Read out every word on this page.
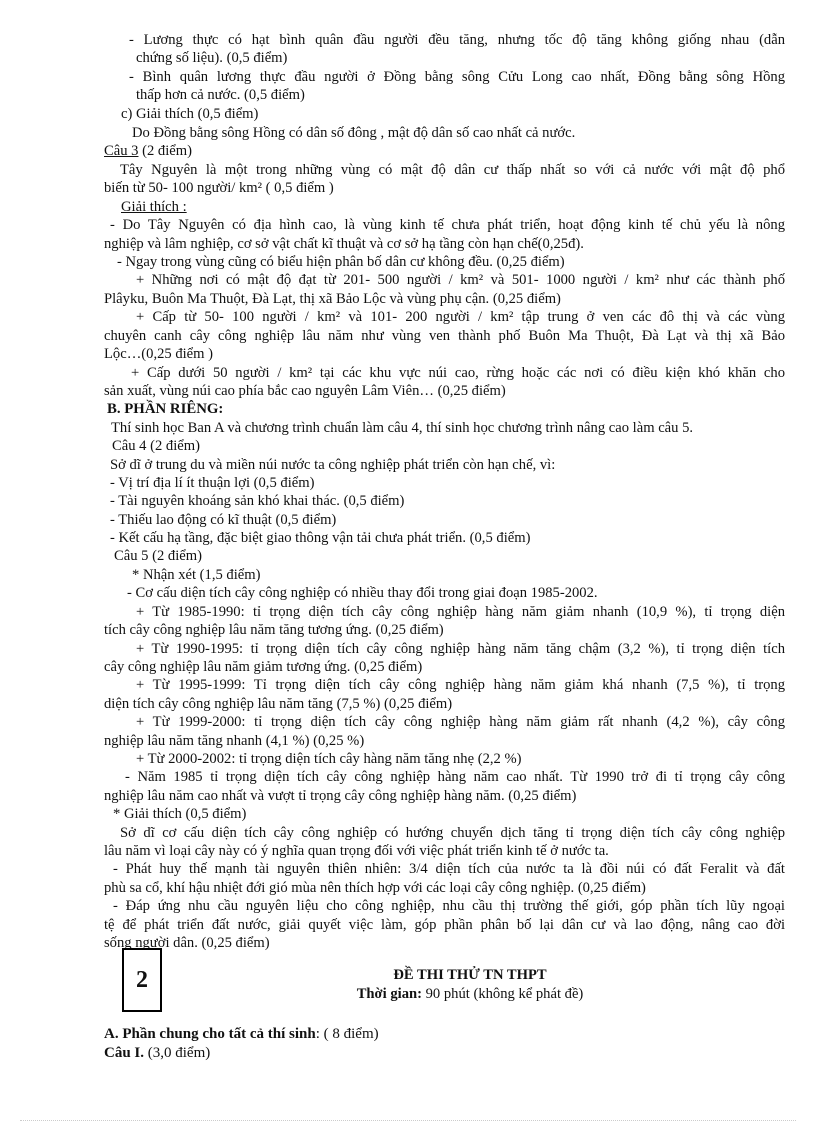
- Lương thực có hạt bình quân đầu người đều tăng, nhưng tốc độ tăng không giống nhau (dẫn

chứng số liệu). (0,5 điểm)

- Bình quân lương thực đầu người ở Đồng bằng sông Cửu Long cao nhất, Đồng bằng sông Hồng

thấp hơn cả nước. (0,5 điểm)

c) Giải thích (0,5 điểm)

Do Đồng bằng sông Hồng có dân số đông , mật độ dân số cao nhất cả nước.

Câu 3 (2 điểm)

Tây Nguyên là một trong những vùng có mật độ dân cư thấp nhất so với cả nước với mật độ phổ

biến từ 50- 100 người/ km² ( 0,5 điểm )

Giải thích :

- Do Tây Nguyên có địa hình cao, là vùng kinh tế chưa phát triển, hoạt động kinh tế chủ yếu là nông

nghiệp và lâm nghiệp, cơ sở vật chất kĩ thuật và cơ sở hạ tầng còn hạn chế(0,25đ).

- Ngay trong vùng cũng có biểu hiện phân bố dân cư không đều. (0,25 điểm)

+ Những nơi có mật độ đạt từ 201- 500 người / km² và 501- 1000 người / km² như các thành phố

Plâyku, Buôn Ma Thuột, Đà Lạt, thị xã Bảo Lộc và vùng phụ cận. (0,25 điểm)

+ Cấp từ 50- 100 người / km² và 101- 200 người / km² tập trung ở ven các đô thị và các vùng

chuyên canh cây công nghiệp lâu năm như vùng ven thành phố Buôn Ma Thuột, Đà Lạt và thị xã Bảo

Lộc…(0,25 điểm )

+ Cấp dưới 50 người / km² tại các khu vực núi cao, rừng hoặc các nơi có điều kiện khó khăn cho

sản xuất, vùng núi cao phía bắc cao nguyên Lâm Viên… (0,25 điểm)

B. PHẦN RIÊNG:

Thí sinh học Ban A và chương trình chuẩn làm câu 4, thí sinh học chương trình nâng cao làm câu 5.

Câu 4 (2 điểm)

Sở dĩ ở trung du và miền núi nước ta công nghiệp phát triển còn hạn chế, vì:

- Vị trí địa lí ít thuận lợi (0,5 điểm)

- Tài nguyên khoáng sản khó khai thác. (0,5 điểm)

- Thiếu lao động có kĩ thuật (0,5 điểm)

- Kết cấu hạ tầng, đặc biệt giao thông vận tải chưa phát triển. (0,5 điểm)

Câu 5 (2 điểm)

* Nhận xét (1,5 điểm)

- Cơ cấu diện tích cây công nghiệp có nhiều thay đổi trong giai đoạn 1985-2002.

+ Từ 1985-1990: tỉ trọng diện tích cây công nghiệp hàng năm giảm nhanh (10,9 %), tỉ trọng diện

tích cây công nghiệp lâu năm tăng tương ứng. (0,25 điểm)

+ Từ 1990-1995: tỉ trọng diện tích cây công nghiệp hàng năm tăng chậm (3,2 %), tỉ trọng diện tích

cây công nghiệp lâu năm giảm tương ứng. (0,25 điểm)

+ Từ 1995-1999: Tỉ trọng diện tích cây công nghiệp hàng năm giảm khá nhanh (7,5 %), tỉ trọng

diện tích cây công nghiệp lâu năm tăng (7,5 %) (0,25 điểm)

+ Từ 1999-2000: tỉ trọng diện tích cây công nghiệp hàng năm giảm rất nhanh (4,2 %), cây công

nghiệp lâu năm tăng nhanh (4,1 %) (0,25 %)

+ Từ 2000-2002: tỉ trọng diện tích cây hàng năm tăng nhẹ (2,2 %)

- Năm 1985 tỉ trọng diện tích cây công nghiệp hàng năm cao nhất. Từ 1990 trở đi tỉ trọng cây công

nghiệp lâu năm cao nhất và vượt tỉ trọng cây công nghiệp hàng năm. (0,25 điểm)

* Giải thích (0,5 điểm)

Sở dĩ cơ cấu diện tích cây công nghiệp có hướng chuyển dịch tăng tỉ trọng diện tích cây công nghiệp

lâu năm vì loại cây này có ý nghĩa quan trọng đối với việc phát triển kinh tế ở nước ta.

- Phát huy thế mạnh tài nguyên thiên nhiên: 3/4 diện tích của nước ta là đồi núi có đất Feralit và đất

phù sa cổ, khí hậu nhiệt đới gió mùa nên thích hợp với các loại cây công nghiệp. (0,25 điểm)

- Đáp ứng nhu cầu nguyên liệu cho công nghiệp, nhu cầu thị trường thế giới, góp phần tích lũy ngoại

tệ để phát triển đất nước, giải quyết việc làm, góp phần phân bố lại dân cư và lao động, nâng cao đời

sống người dân. (0,25 điểm)

2	ĐỀ THI THỬ TN THPT

Thời gian: 90 phút (không kể phát đề)

A. Phần chung cho tất cả thí sinh: ( 8 điểm)

Câu I. (3,0 điểm)
